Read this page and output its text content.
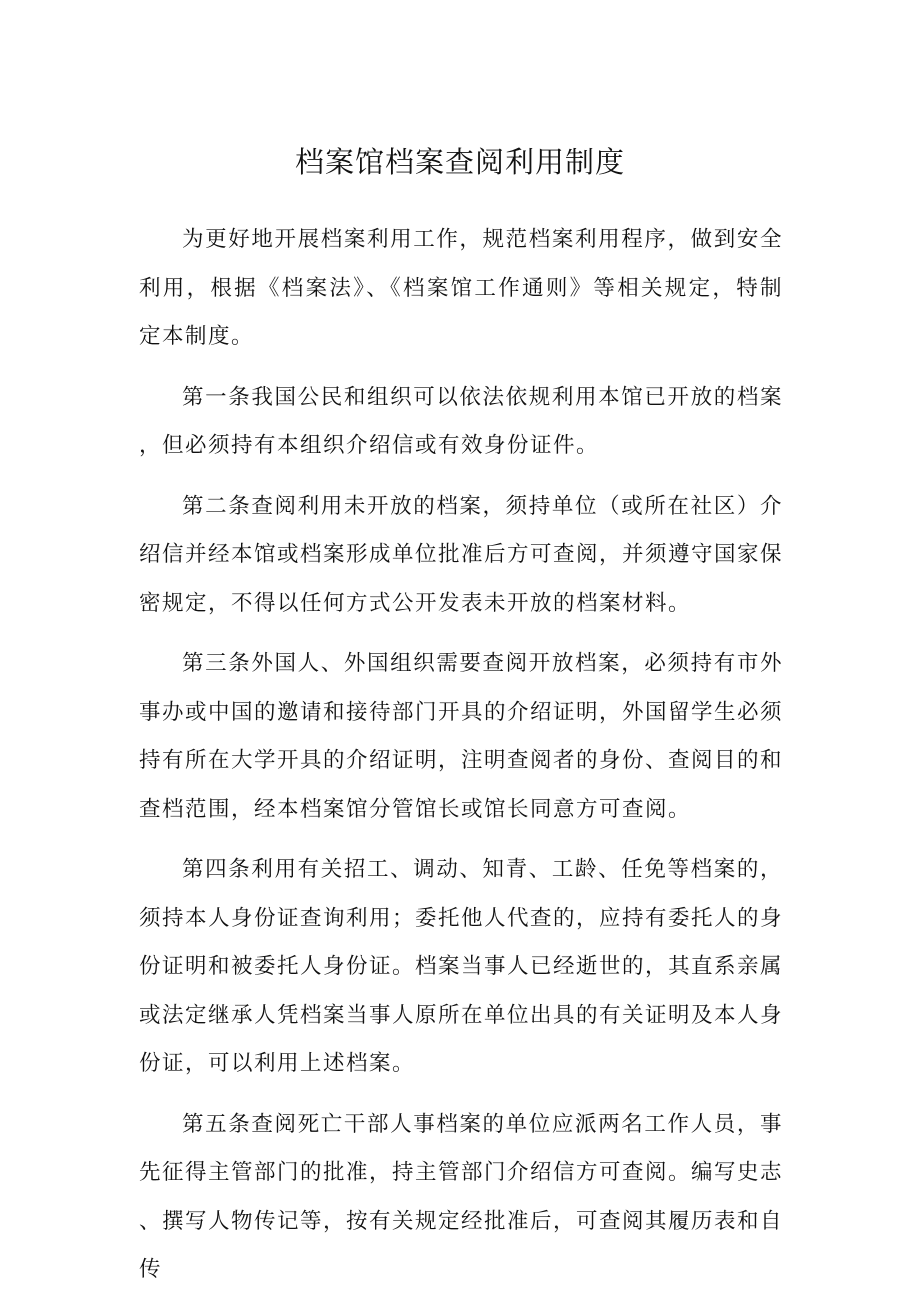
档案馆档案查阅利用制度

为更好地开展档案利用工作，规范档案利用程序，做到安全利用，根据《档案法》、《档案馆工作通则》等相关规定，特制定本制度。

第一条我国公民和组织可以依法依规利用本馆已开放的档案，但必须持有本组织介绍信或有效身份证件。

第二条查阅利用未开放的档案，须持单位（或所在社区）介绍信并经本馆或档案形成单位批准后方可查阅，并须遵守国家保密规定，不得以任何方式公开发表未开放的档案材料。

第三条外国人、外国组织需要查阅开放档案，必须持有市外事办或中国的邀请和接待部门开具的介绍证明，外国留学生必须持有所在大学开具的介绍证明，注明查阅者的身份、查阅目的和查档范围，经本档案馆分管馆长或馆长同意方可查阅。

第四条利用有关招工、调动、知青、工龄、任免等档案的，须持本人身份证查询利用；委托他人代查的，应持有委托人的身份证明和被委托人身份证。档案当事人已经逝世的，其直系亲属或法定继承人凭档案当事人原所在单位出具的有关证明及本人身份证，可以利用上述档案。

第五条查阅死亡干部人事档案的单位应派两名工作人员，事先征得主管部门的批准，持主管部门介绍信方可查阅。编写史志、撰写人物传记等，按有关规定经批准后，可查阅其履历表和自传
